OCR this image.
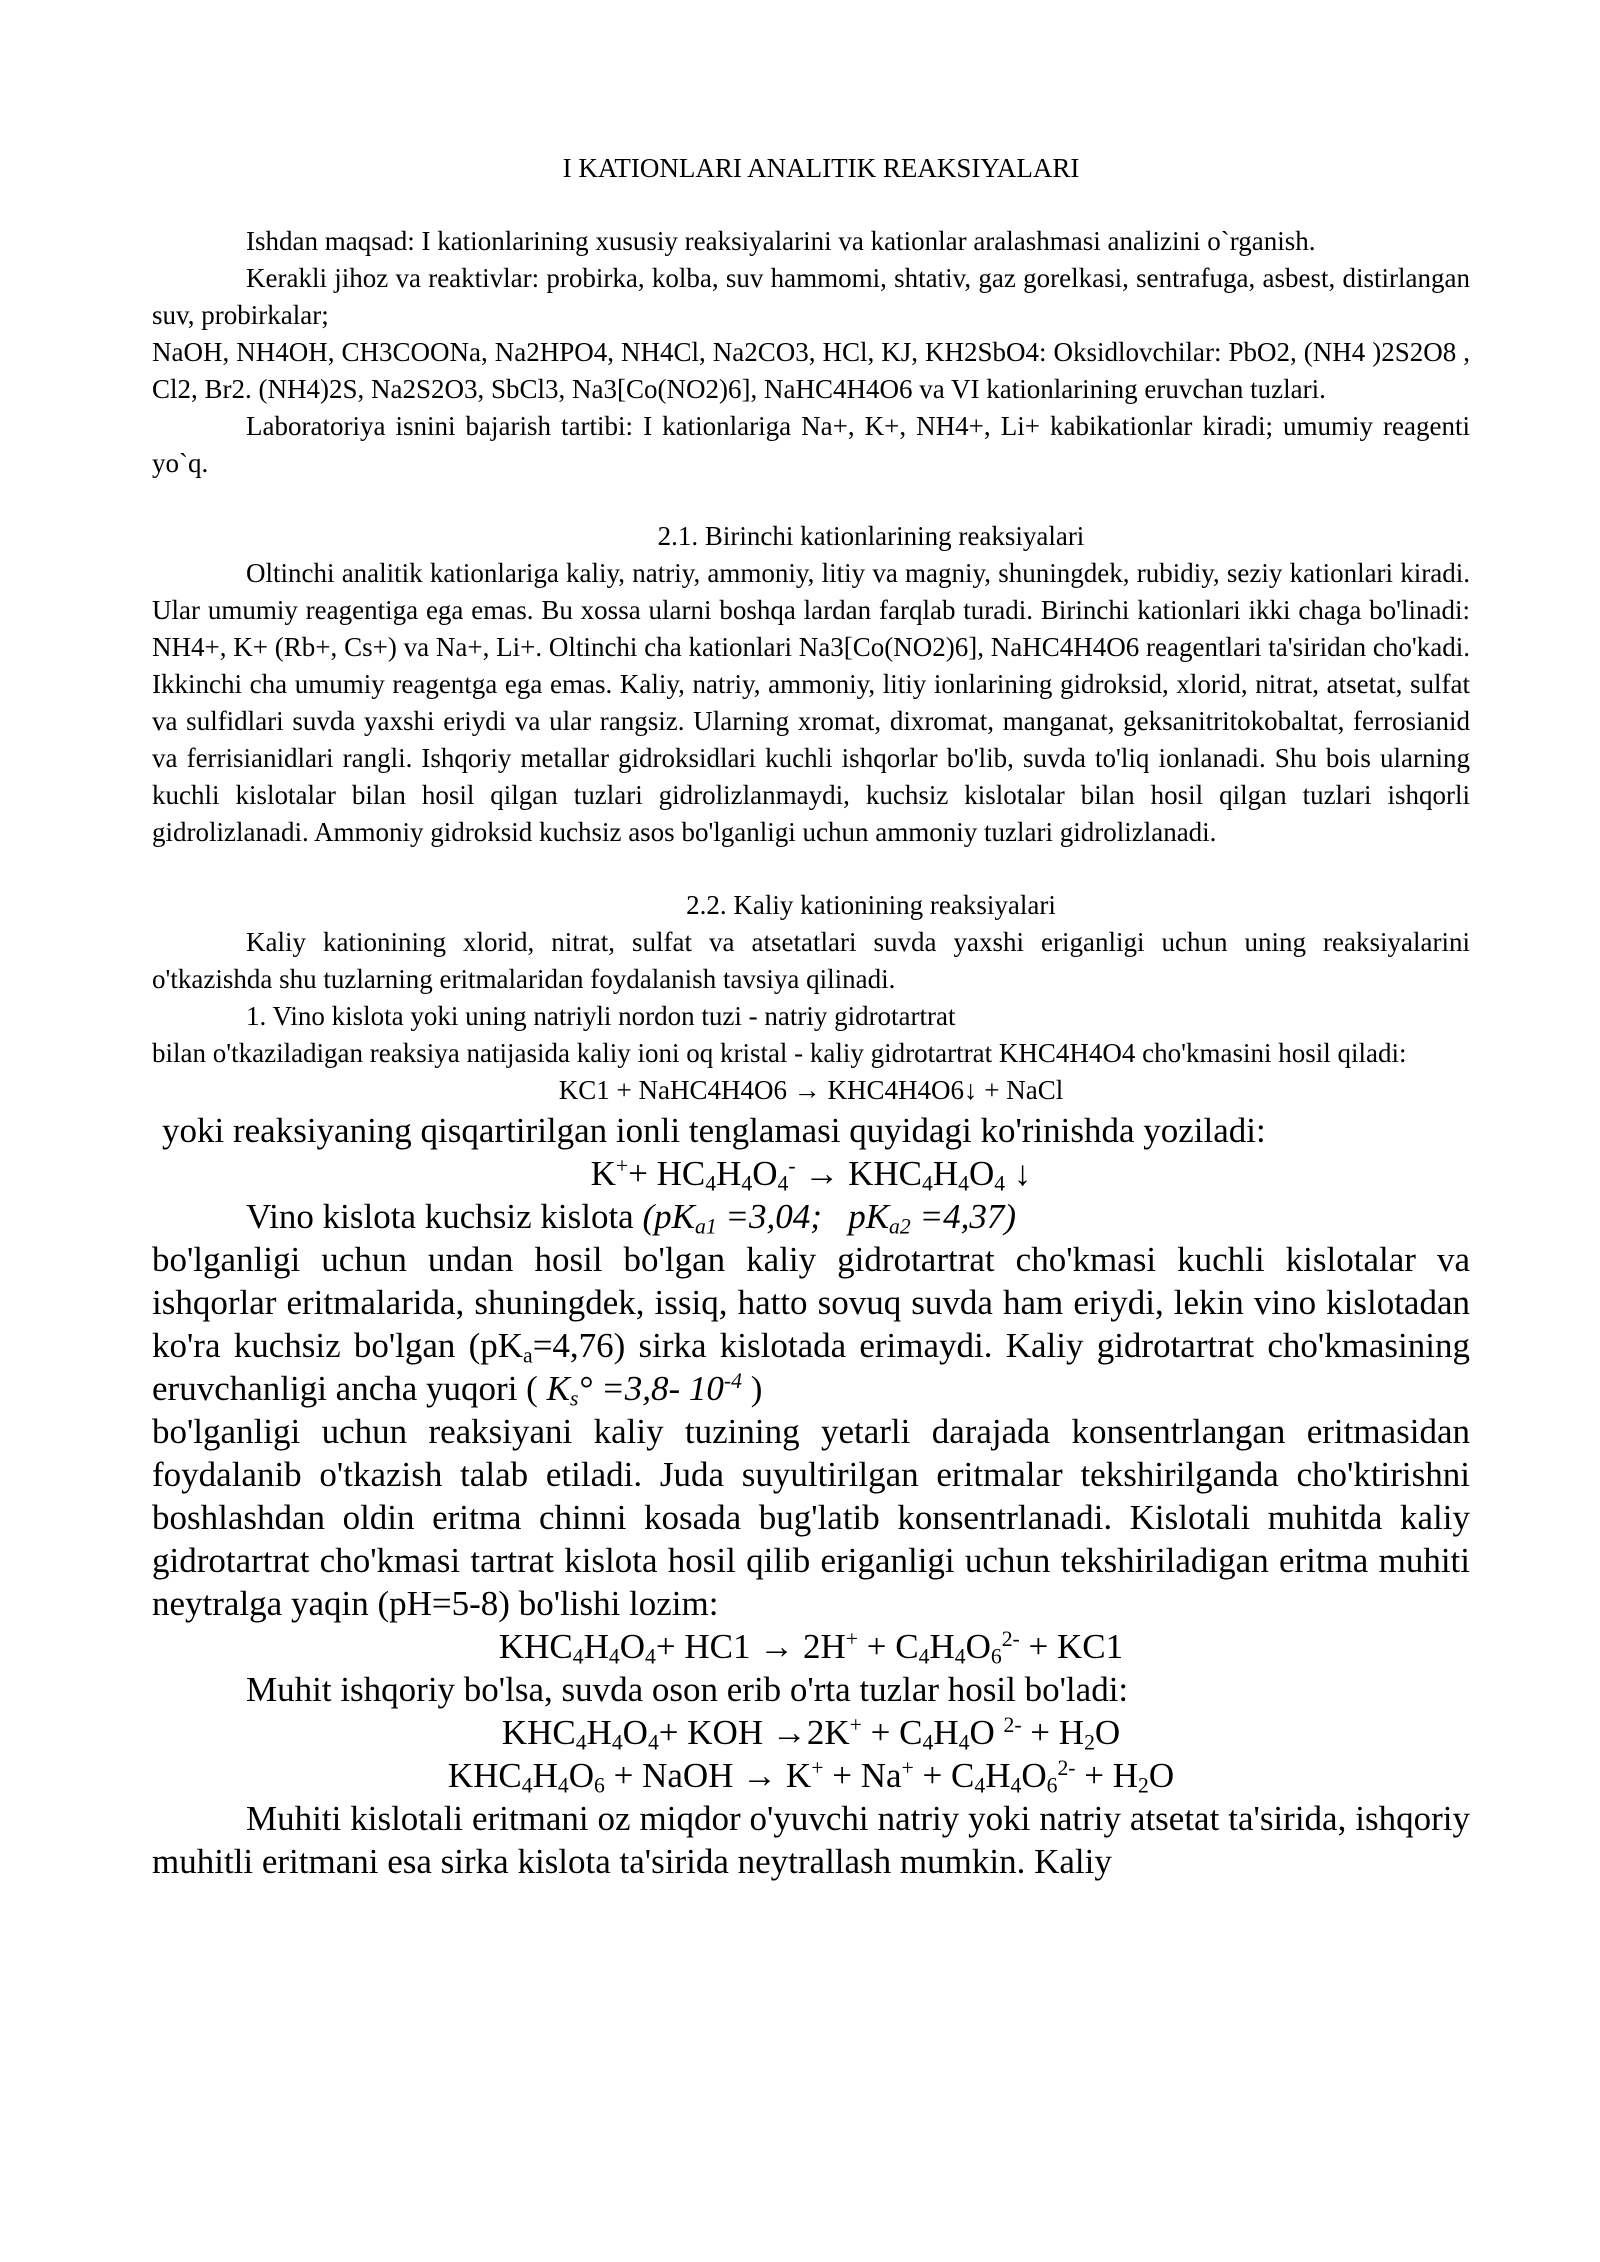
I KATIONLARI ANALITIK REAKSIYALARI

Ishdan maqsad: I kationlarining xususiy reaksiyalarini va kationlar aralashmasi analizini o`rganish.

Kerakli jihoz va reaktivlar: probirka, kolba, suv hammomi, shtativ, gaz gorelkasi, sentrafuga, asbest, distirlangan suv, probirkalar;

NaOH, NH4OH, CH3COONa, Na2HPO4, NH4Cl, Na2CO3, HCl, KJ, KH2SbO4: Oksidlovchilar: PbO2, (NH4 )2S2O8 , Cl2, Br2. (NH4)2S, Na2S2O3, SbCl3, Na3[Co(NO2)6], NaHC4H4O6 va VI kationlarining eruvchan tuzlari.

Laboratoriya isnini bajarish tartibi: I kationlariga Na+, K+, NH4+, Li+ kabikationlar kiradi; umumiy reagenti yo`q.

2.1. Birinchi kationlarining reaksiyalari

Oltinchi analitik kationlariga kaliy, natriy, ammoniy, litiy va magniy, shuningdek, rubidiy, seziy kationlari kiradi. Ular umumiy reagentiga ega emas. Bu xossa ularni boshqa lardan farqlab turadi. Birinchi kationlari ikki chaga bo'linadi: NH4+, K+ (Rb+, Cs+) va Na+, Li+. Oltinchi cha kationlari Na3[Co(NO2)6], NaHC4H4O6 reagentlari ta'siridan cho'kadi. Ikkinchi cha umumiy reagentga ega emas. Kaliy, natriy, ammoniy, litiy ionlarining gidroksid, xlorid, nitrat, atsetat, sulfat va sulfidlari suvda yaxshi eriydi va ular rangsiz. Ularning xromat, dixromat, manganat, geksanitritokobaltat, ferrosianid va ferrisianidlari rangli. Ishqoriy metallar gidroksidlari kuchli ishqorlar bo'lib, suvda to'liq ionlanadi. Shu bois ularning kuchli kislotalar bilan hosil qilgan tuzlari gidrolizlanmaydi, kuchsiz kislotalar bilan hosil qilgan tuzlari ishqorli gidrolizlanadi. Ammoniy gidroksid kuchsiz asos bo'lganligi uchun ammoniy tuzlari gidrolizlanadi.

2.2. Kaliy kationining reaksiyalari

Kaliy kationining xlorid, nitrat, sulfat va atsetatlari suvda yaxshi eriganligi uchun uning reaksiyalarini o'tkazishda shu tuzlarning eritmalaridan foydalanish tavsiya qilinadi.

1. Vino kislota yoki uning natriyli nordon tuzi - natriy gidrotartrat

bilan o'tkaziladigan reaksiya natijasida kaliy ioni oq kristal - kaliy gidrotartrat KHC4H4O4 cho'kmasini hosil qiladi:

KC1 + NaHC4H4O6 → KHC4H4O6↓ + NaCl

yoki reaksiyaning qisqartirilgan ionli tenglamasi quyidagi ko'rinishda yoziladi:

$K^++ HC_4H_4O_4^- \to KHC_4H_4O_4$ ↓

Vino kislota kuchsiz kislota ($pK_{a1} =3,04$;   $pK_{a2} =4,37$)

bo'lganligi uchun undan hosil bo'lgan kaliy gidrotartrat cho'kmasi kuchli kislotalar va ishqorlar eritmalarida, shuningdek, issiq, hatto sovuq suvda ham eriydi, lekin vino kislotadan ko'ra kuchsiz bo'lgan $(pK_a=4,76)$ sirka kislotada erimaydi. Kaliy gidrotartrat cho'kmasining eruvchanligi ancha yuqori ( $K_s^\circ =3,8-$ $10^{-4}$ )

bo'lganligi uchun reaksiyani kaliy tuzining yetarli darajada konsentrlangan eritmasidan foydalanib o'tkazish talab etiladi. Juda suyultirilgan eritmalar tekshirilganda cho'ktirishni boshlashdan oldin eritma chinni kosada bug'latib konsentrlanadi. Kislotali muhitda kaliy gidrotartrat cho'kmasi tartrat kislota hosil qilib eriganligi uchun tekshiriladigan eritma muhiti neytralga yaqin (pH=5-8) bo'lishi lozim:

$KHC_4H_4O_4+ HC1 \to 2H^+ + C_4H_4O_6^{2-} + KC1$

Muhit ishqoriy bo'lsa, suvda oson erib o'rta tuzlar hosil bo'ladi:

$KHC_4H_4O_4+$ KOH $\to 2K^+ + C_4H_4O$ $^{2-} + H_2O$
$KHC_4H_4O_6$ + NaOH → $K^+ + Na^+ + C_4H_4O_6^{2-} + H_2O$

Muhiti kislotali eritmani oz miqdor o'yuvchi natriy yoki natriy atsetat ta'sirida, ishqoriy muhitli eritmani esa sirka kislota ta'sirida neytrallash mumkin. Kaliy
